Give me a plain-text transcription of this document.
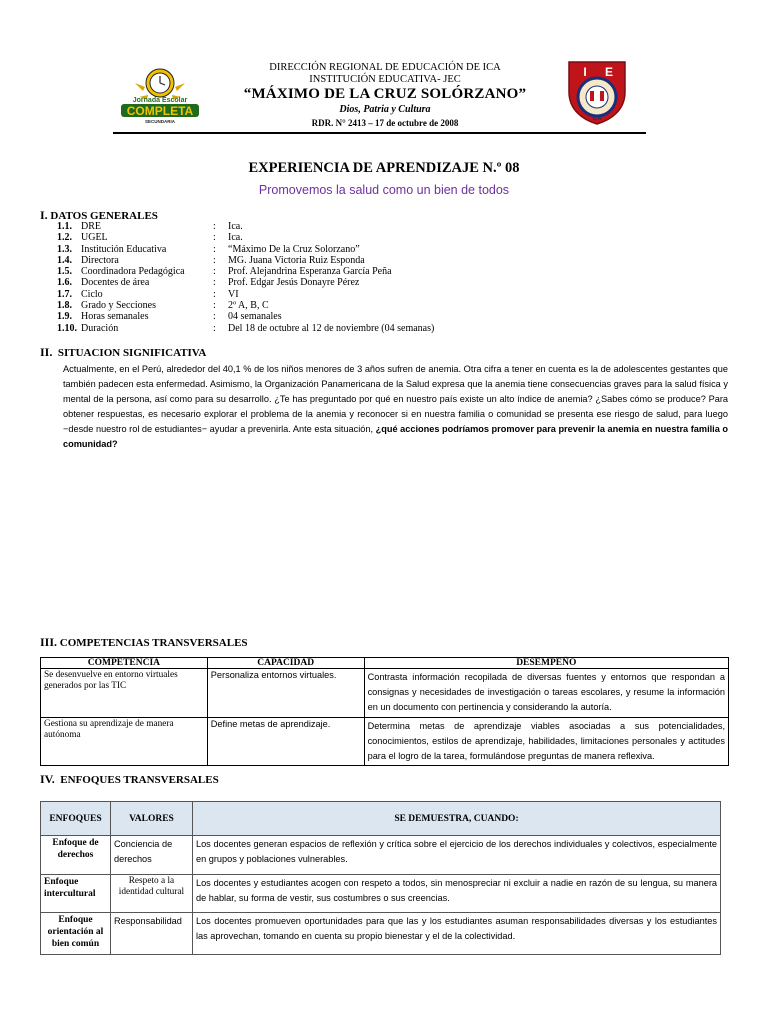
Jornada Escolar
COMPLETA
SECUNDARIA
DIRECCIÓN REGIONAL DE EDUCACIÓN DE ICA
INSTITUCIÓN EDUCATIVA- JEC
“MÁXIMO DE LA CRUZ SOLÓRZANO”
Dios, Patria y Cultura
RDR. N° 2413 – 17 de octubre de 2008
I E
ICA
EXPERIENCIA DE APRENDIZAJE N.º 08
Promovemos la salud como un bien de todos
I. DATOS GENERALES
1.1. DRE	:	Ica.
1.2. UGEL	:	Ica.
1.3. Institución Educativa	:	“Máximo De la Cruz Solorzano”
1.4. Directora	:	MG. Juana Victoria Ruiz Esponda
1.5. Coordinadora Pedagógica	:	Prof. Alejandrina Esperanza García Peña
1.6. Docentes de área	:	Prof. Edgar Jesús Donayre Pérez
1.7. Ciclo	:	VI
1.8. Grado y Secciones	:	2º A, B, C
1.9. Horas semanales	:	04 semanales
1.10. Duración	:	Del 18 de octubre al 12 de noviembre (04 semanas)
II. SITUACION SIGNIFICATIVA
Actualmente, en el Perú, alrededor del 40,1 % de los niños menores de 3 años sufren de anemia. Otra cifra a tener en cuenta es la de adolescentes gestantes que también padecen esta enfermedad. Asimismo, la Organización Panamericana de la Salud expresa que la anemia tiene consecuencias graves para la salud física y mental de la persona, así como para su desarrollo. ¿Te has preguntado por qué en nuestro país existe un alto índice de anemia? ¿Sabes cómo se produce? Para obtener respuestas, es necesario explorar el problema de la anemia y reconocer si en nuestra familia o comunidad se presenta ese riesgo de salud, para luego −desde nuestro rol de estudiantes− ayudar a prevenirla. Ante esta situación, ¿qué acciones podríamos promover para prevenir la anemia en nuestra familia o comunidad?
III. COMPETENCIAS TRANSVERSALES
COMPETENCIA	CAPACIDAD	DESEMPEÑO
Se desenvuelve en entorno virtuales generados por las TIC	Personaliza entornos virtuales.	Contrasta información recopilada de diversas fuentes y entornos que respondan a consignas y necesidades de investigación o tareas escolares, y resume la información en un documento con pertinencia y considerando la autoría.
Gestiona su aprendizaje de manera autónoma	Define metas de aprendizaje.	Determina metas de aprendizaje viables asociadas a sus potencialidades, conocimientos, estilos de aprendizaje, habilidades, limitaciones personales y actitudes para el logro de la tarea, formulándose preguntas de manera reflexiva.
IV. ENFOQUES TRANSVERSALES
ENFOQUES	VALORES	SE DEMUESTRA, CUANDO:
Enfoque de derechos	Conciencia de derechos	Los docentes generan espacios de reflexión y crítica sobre el ejercicio de los derechos individuales y colectivos, especialmente en grupos y poblaciones vulnerables.
Enfoque intercultural	Respeto a la identidad cultural	Los docentes y estudiantes acogen con respeto a todos, sin menospreciar ni excluir a nadie en razón de su lengua, su manera de hablar, su forma de vestir, sus costumbres o sus creencias.
Enfoque orientación al bien común	Responsabilidad	Los docentes promueven oportunidades para que las y los estudiantes asuman responsabilidades diversas y los estudiantes las aprovechan, tomando en cuenta su propio bienestar y el de la colectividad.
